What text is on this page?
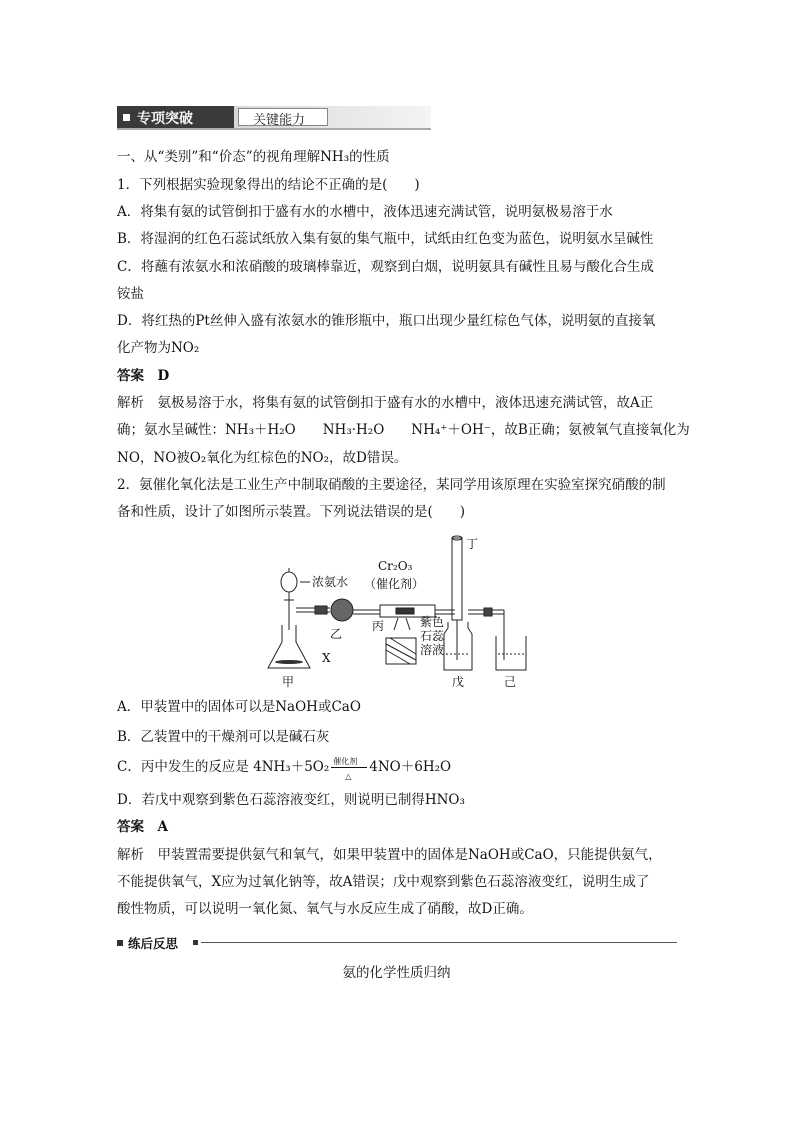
专项突破	关键能力
一、从“类别”和“价态”的视角理解NH₃的性质
1．下列根据实验现象得出的结论不正确的是(　　)
A．将集有氨的试管倒扣于盛有水的水槽中，液体迅速充满试管，说明氨极易溶于水
B．将湿润的红色石蕊试纸放入集有氨的集气瓶中，试纸由红色变为蓝色，说明氨水呈碱性
C．将蘸有浓氨水和浓硝酸的玻璃棒靠近，观察到白烟，说明氨具有碱性且易与酸化合生成
铵盐
D．将红热的Pt丝伸入盛有浓氨水的锥形瓶中，瓶口出现少量红棕色气体，说明氨的直接氧
化产物为NO₂
答案　D
解析　氨极易溶于水，将集有氨的试管倒扣于盛有水的水槽中，液体迅速充满试管，故A正
确；氨水呈碱性：NH₃＋H₂O　　NH₃·H₂O　　NH₄⁺＋OH⁻，故B正确；氨被氧气直接氧化为
NO，NO被O₂氧化为红棕色的NO₂，故D错误。
2．氨催化氧化法是工业生产中制取硝酸的主要途径，某同学用该原理在实验室探究硝酸的制
备和性质，设计了如图所示装置。下列说法错误的是(　　)
浓氨水
Cr₂O₃
（催化剂）
甲
乙
丙
丁
戊	己
X
紫色
石蕊
溶液
A．甲装置中的固体可以是NaOH或CaO
B．乙装置中的干燥剂可以是碱石灰
C．丙中发生的反应是 4NH₃＋5O₂ 催化剂
△
4NO＋6H₂O
D．若戊中观察到紫色石蕊溶液变红，则说明已制得HNO₃
答案　A
解析　甲装置需要提供氨气和氧气，如果甲装置中的固体是NaOH或CaO，只能提供氨气，
不能提供氧气，X应为过氧化钠等，故A错误；戊中观察到紫色石蕊溶液变红，说明生成了
酸性物质，可以说明一氧化氮、氧气与水反应生成了硝酸，故D正确。
练后反思
氨的化学性质归纳
